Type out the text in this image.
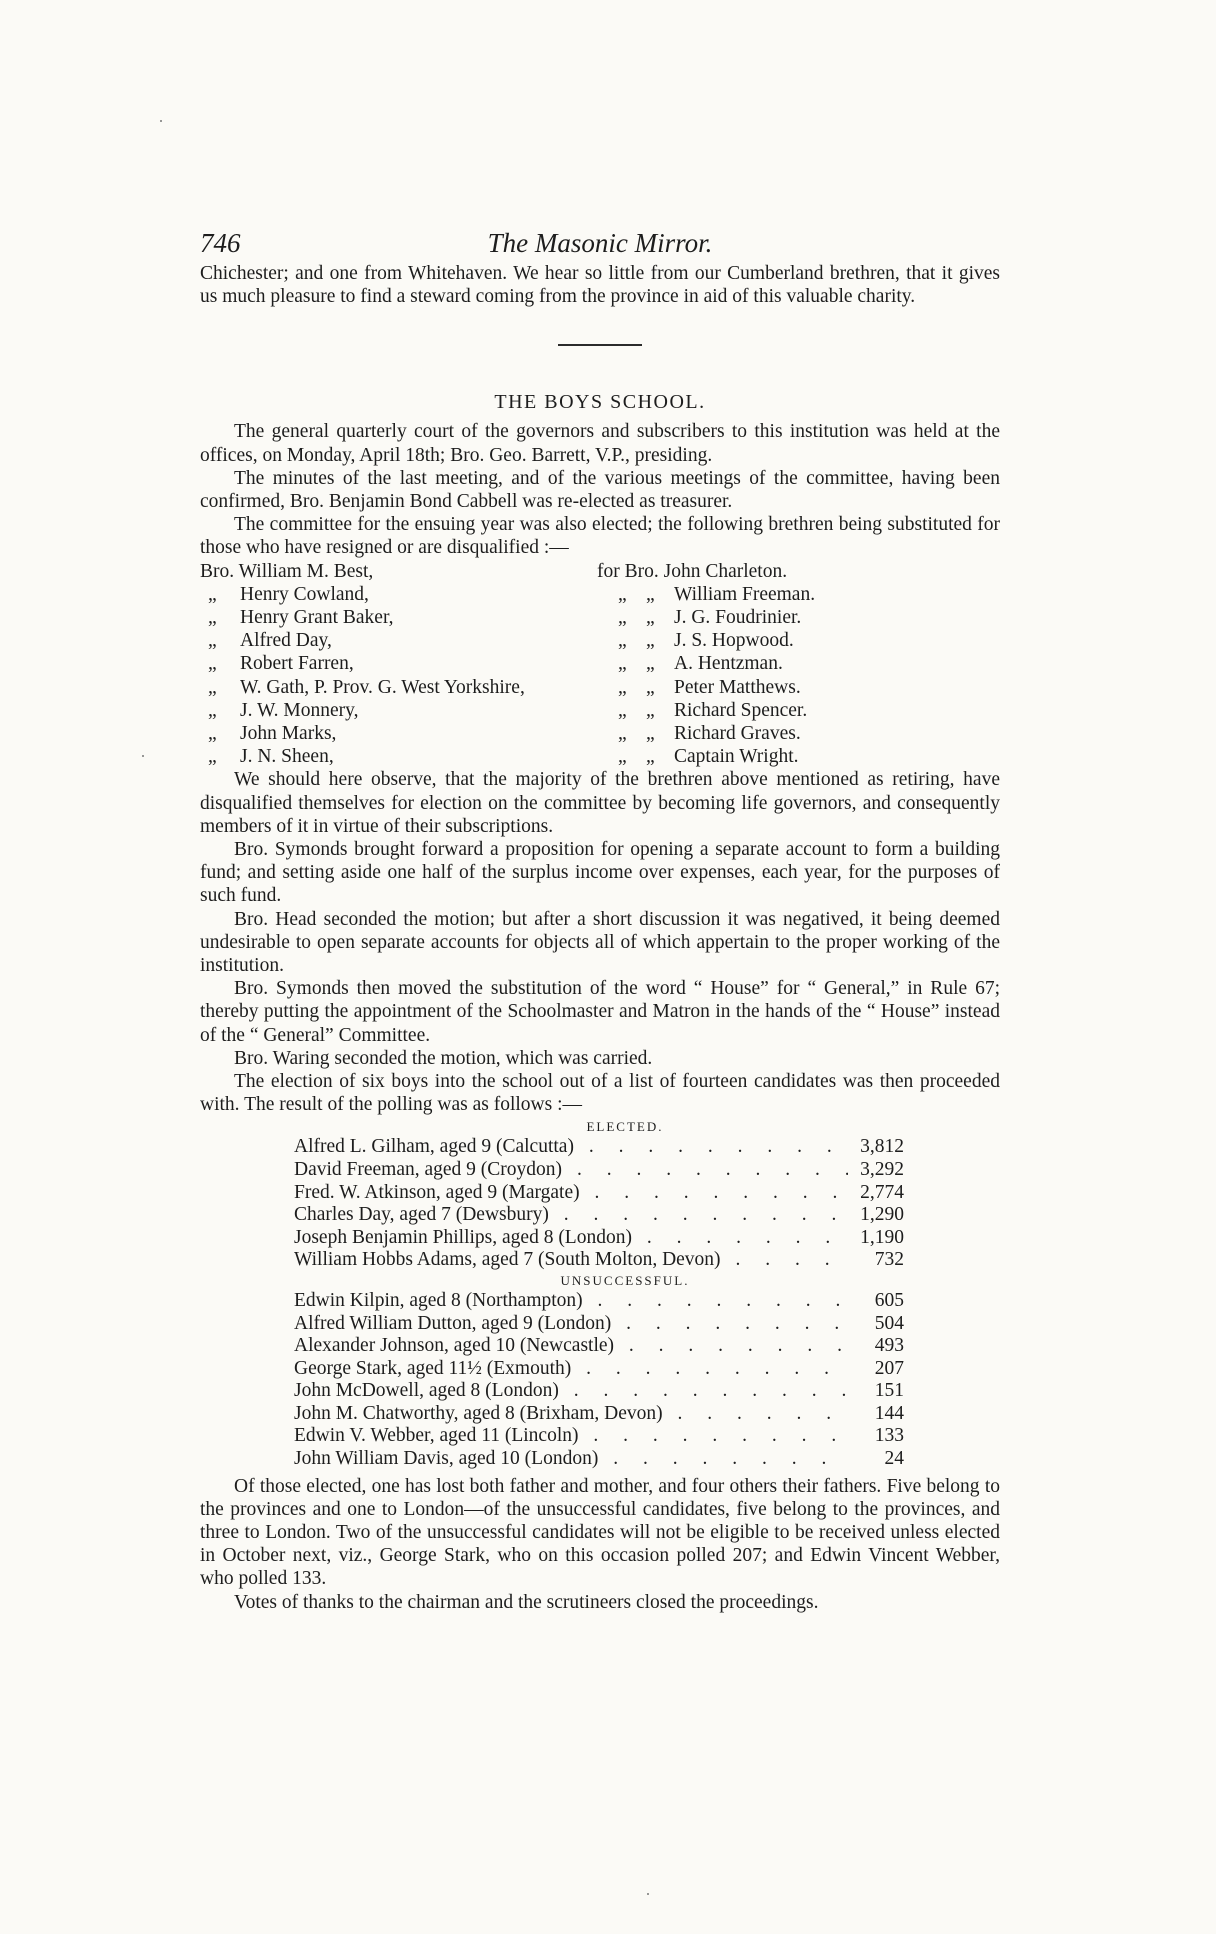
746	The Masonic Mirror.

Chichester; and one from Whitehaven. We hear so little from our Cumberland brethren, that it gives us much pleasure to find a steward coming from the province in aid of this valuable charity.

THE BOYS SCHOOL.

The general quarterly court of the governors and subscribers to this institution was held at the offices, on Monday, April 18th; Bro. Geo. Barrett, V.P., presiding.

The minutes of the last meeting, and of the various meetings of the committee, having been confirmed, Bro. Benjamin Bond Cabbell was re-elected as treasurer.

The committee for the ensuing year was also elected; the following brethren being substituted for those who have resigned or are disqualified :—

Bro. William M. Best,	for Bro. John Charleton.
„ Henry Cowland,	„ „ William Freeman.
„ Henry Grant Baker,	„ „ J. G. Foudrinier.
„ Alfred Day,	„ „ J. S. Hopwood.
„ Robert Farren,	„ „ A. Hentzman.
„ W. Gath, P. Prov. G. West Yorkshire,	„ „ Peter Matthews.
„ J. W. Monnery,	„ „ Richard Spencer.
„ John Marks,	„ „ Richard Graves.
„ J. N. Sheen,	„ „ Captain Wright.

We should here observe, that the majority of the brethren above mentioned as retiring, have disqualified themselves for election on the committee by becoming life governors, and consequently members of it in virtue of their subscriptions.

Bro. Symonds brought forward a proposition for opening a separate account to form a building fund; and setting aside one half of the surplus income over expenses, each year, for the purposes of such fund.

Bro. Head seconded the motion; but after a short discussion it was negatived, it being deemed undesirable to open separate accounts for objects all of which appertain to the proper working of the institution.

Bro. Symonds then moved the substitution of the word “ House” for “ General,” in Rule 67; thereby putting the appointment of the Schoolmaster and Matron in the hands of the “ House” instead of the “ General” Committee.

Bro. Waring seconded the motion, which was carried.

The election of six boys into the school out of a list of fourteen candidates was then proceeded with. The result of the polling was as follows :—

ELECTED.
Alfred L. Gilham, aged 9 (Calcutta) . . .	3,812
David Freeman, aged 9 (Croydon) . . .	3,292
Fred. W. Atkinson, aged 9 (Margate) . . .	2,774
Charles Day, aged 7 (Dewsbury) . . .	1,290
Joseph Benjamin Phillips, aged 8 (London) . . .	1,190
William Hobbs Adams, aged 7 (South Molton, Devon) . . .	732
UNSUCCESSFUL.
Edwin Kilpin, aged 8 (Northampton) . . .	605
Alfred William Dutton, aged 9 (London) . . .	504
Alexander Johnson, aged 10 (Newcastle) . . .	493
George Stark, aged 11½ (Exmouth) . . .	207
John McDowell, aged 8 (London) . . .	151
John M. Chatworthy, aged 8 (Brixham, Devon) . . .	144
Edwin V. Webber, aged 11 (Lincoln) . . .	133
John William Davis, aged 10 (London) . . .	24

Of those elected, one has lost both father and mother, and four others their fathers. Five belong to the provinces and one to London—of the unsuccessful candidates, five belong to the provinces, and three to London. Two of the unsuccessful candidates will not be eligible to be received unless elected in October next, viz., George Stark, who on this occasion polled 207; and Edwin Vincent Webber, who polled 133.

Votes of thanks to the chairman and the scrutineers closed the proceedings.
